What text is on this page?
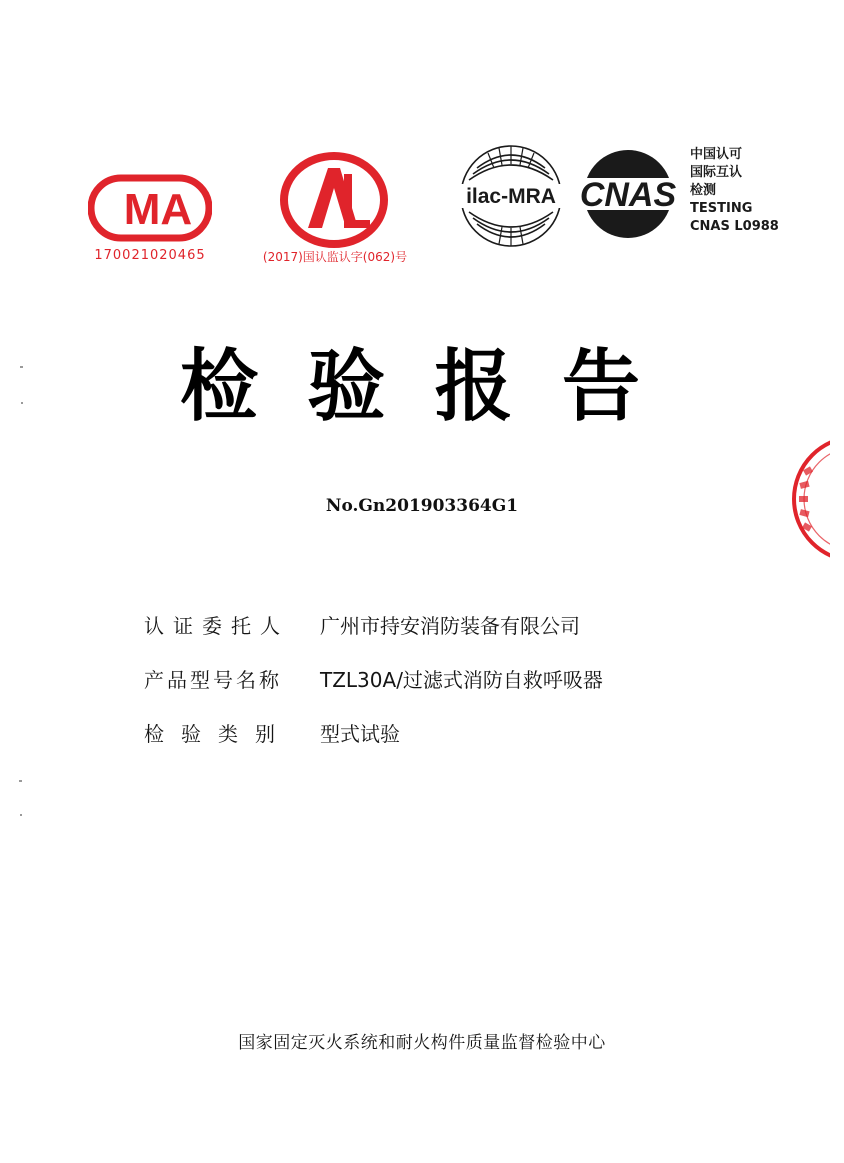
MA
170021020465	(2017)国认监认字(062)号
ilac-MRA CNAS
中国认可
国际互认
检测
TESTING
CNAS L0988
检 验 报 告
No.Gn201903364G1
认证委托人	广州市持安消防装备有限公司
产品型号名称	TZL30A/过滤式消防自救呼吸器
检验类别	型式试验
国家固定灭火系统和耐火构件质量监督检验中心
